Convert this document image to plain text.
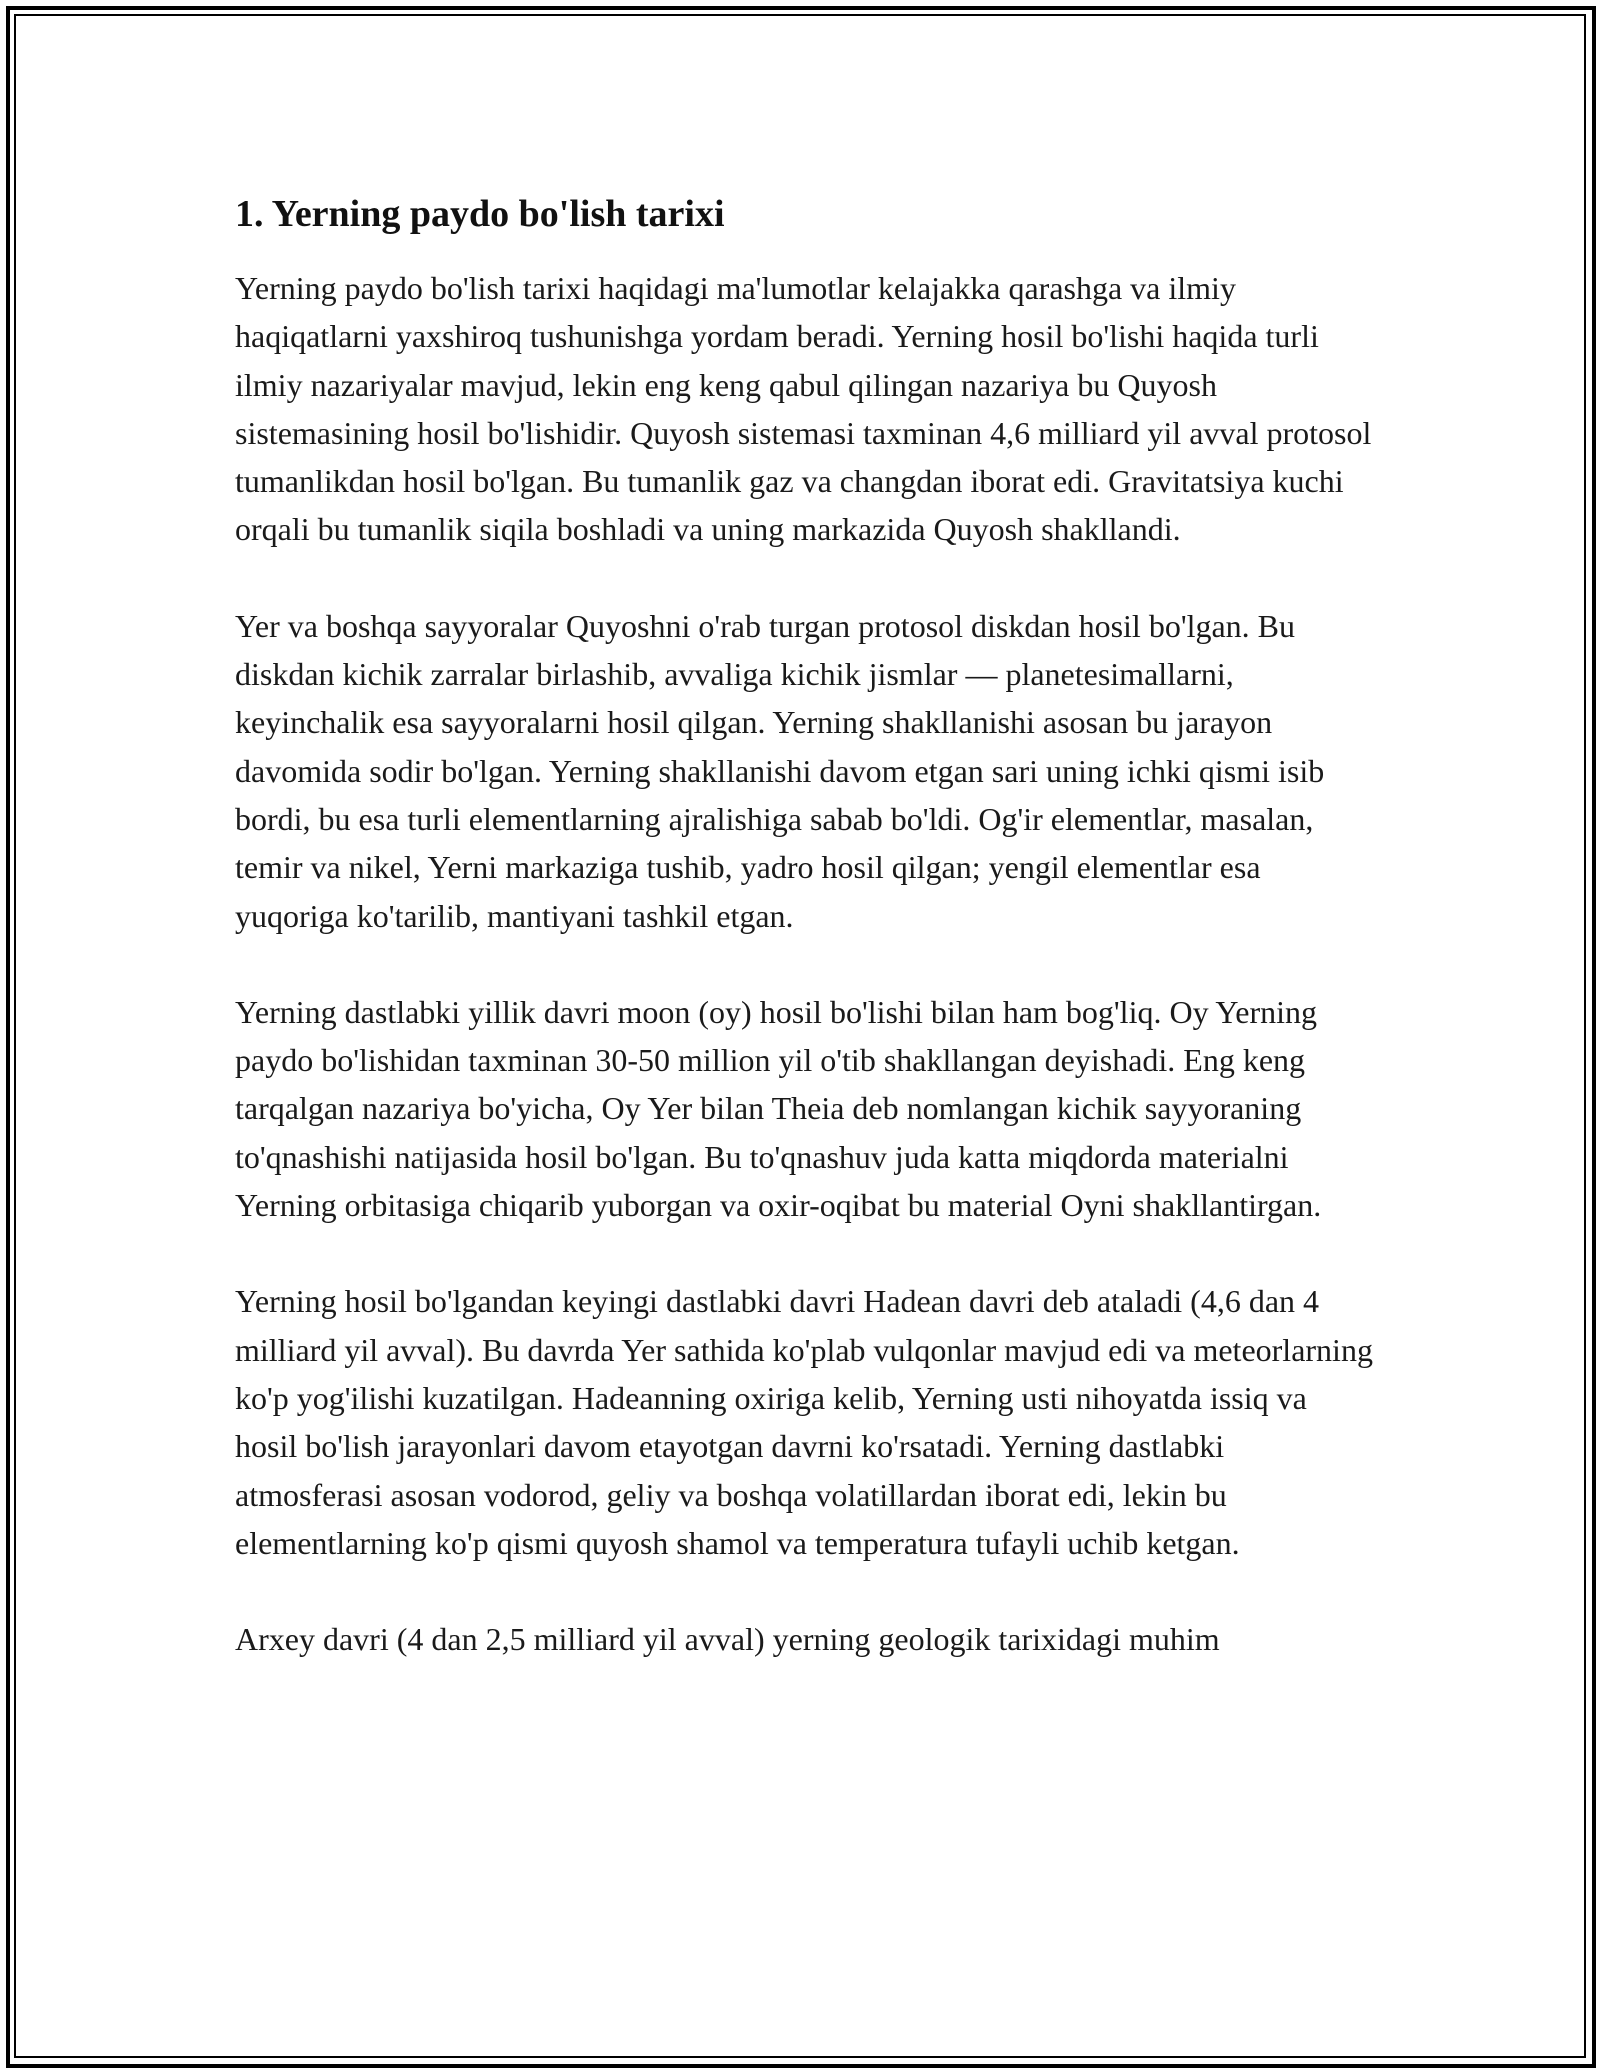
1. Yerning paydo bo'lish tarixi

Yerning paydo bo'lish tarixi haqidagi ma'lumotlar kelajakka qarashga va ilmiy haqiqatlarni yaxshiroq tushunishga yordam beradi. Yerning hosil bo'lishi haqida turli ilmiy nazariyalar mavjud, lekin eng keng qabul qilingan nazariya bu Quyosh sistemasining hosil bo'lishidir. Quyosh sistemasi taxminan 4,6 milliard yil avval protosol tumanlikdan hosil bo'lgan. Bu tumanlik gaz va changdan iborat edi. Gravitatsiya kuchi orqali bu tumanlik siqila boshladi va uning markazida Quyosh shakllandi.

Yer va boshqa sayyoralar Quyoshni o'rab turgan protosol diskdan hosil bo'lgan. Bu diskdan kichik zarralar birlashib, avvaliga kichik jismlar — planetesimallarni, keyinchalik esa sayyoralarni hosil qilgan. Yerning shakllanishi asosan bu jarayon davomida sodir bo'lgan. Yerning shakllanishi davom etgan sari uning ichki qismi isib bordi, bu esa turli elementlarning ajralishiga sabab bo'ldi. Og'ir elementlar, masalan, temir va nikel, Yerni markaziga tushib, yadro hosil qilgan; yengil elementlar esa yuqoriga ko'tarilib, mantiyani tashkil etgan.

Yerning dastlabki yillik davri moon (oy) hosil bo'lishi bilan ham bog'liq. Oy Yerning paydo bo'lishidan taxminan 30-50 million yil o'tib shakllangan deyishadi. Eng keng tarqalgan nazariya bo'yicha, Oy Yer bilan Theia deb nomlangan kichik sayyoraning to'qnashishi natijasida hosil bo'lgan. Bu to'qnashuv juda katta miqdorda materialni Yerning orbitasiga chiqarib yuborgan va oxir-oqibat bu material Oyni shakllantirgan.

Yerning hosil bo'lgandan keyingi dastlabki davri Hadean davri deb ataladi (4,6 dan 4 milliard yil avval). Bu davrda Yer sathida ko'plab vulqonlar mavjud edi va meteorlarning ko'p yog'ilishi kuzatilgan. Hadeanning oxiriga kelib, Yerning usti nihoyatda issiq va hosil bo'lish jarayonlari davom etayotgan davrni ko'rsatadi. Yerning dastlabki atmosferasi asosan vodorod, geliy va boshqa volatillardan iborat edi, lekin bu elementlarning ko'p qismi quyosh shamol va temperatura tufayli uchib ketgan.

Arxey davri (4 dan 2,5 milliard yil avval) yerning geologik tarixidagi muhim
